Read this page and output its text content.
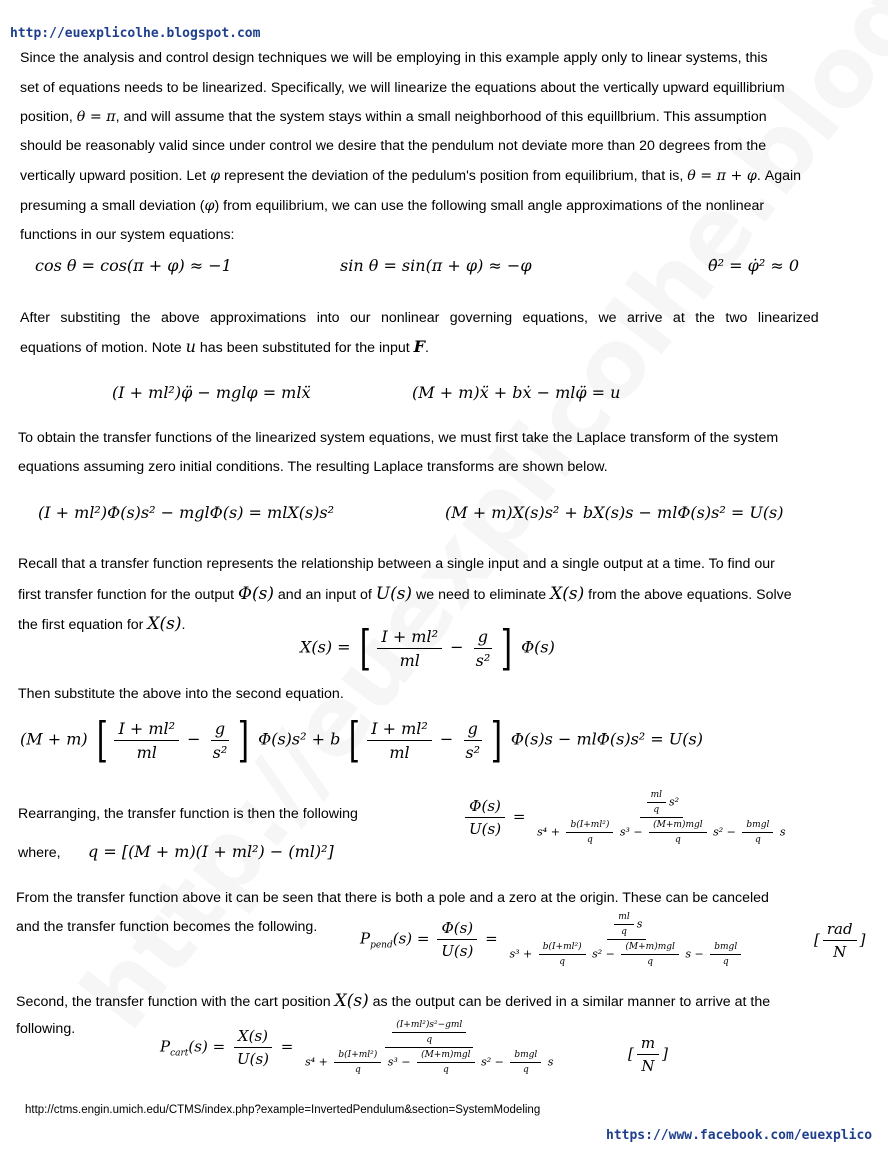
http://euexplicolhe.blogspot.com
Since the analysis and control design techniques we will be employing in this example apply only to linear systems, this
set of equations needs to be linearized. Specifically, we will linearize the equations about the vertically upward equillibrium
position, θ = π, and will assume that the system stays within a small neighborhood of this equillbrium. This assumption
should be reasonably valid since under control we desire that the pendulum not deviate more than 20 degrees from the
vertically upward position. Let φ represent the deviation of the pedulum's position from equilibrium, that is, θ = π + φ. Again
presuming a small deviation (φ) from equilibrium, we can use the following small angle approximations of the nonlinear
functions in our system equations:
cos θ = cos(π + φ) ≈ −1	sin θ = sin(π + φ) ≈ −φ	θ̇² = φ̇² ≈ 0
After substiting the above approximations into our nonlinear governing equations, we arrive at the two linearized
equations of motion. Note u has been substituted for the input F.
(I + ml²)φ̈ − mglφ = mlẍ	(M + m)ẍ + bẋ − mlφ̈ = u
To obtain the transfer functions of the linearized system equations, we must first take the Laplace transform of the system
equations assuming zero initial conditions. The resulting Laplace transforms are shown below.
(I + ml²)Φ(s)s² − mglΦ(s) = mlX(s)s²	(M + m)X(s)s² + bX(s)s − mlΦ(s)s² = U(s)
Recall that a transfer function represents the relationship between a single input and a single output at a time. To find our
first transfer function for the output Φ(s) and an input of U(s) we need to eliminate X(s) from the above equations. Solve
the first equation for X(s).
X(s) = [ $\frac{\text{I + ml²}}{ml} - \frac{g}{\text{s²}}$ ] Φ(s)
Then substitute the above into the second equation.
(M + m) [ $\frac{\text{I + ml²}}{ml} - \frac{g}{\text{s²}}$ ] Φ(s)s² + b [ $\frac{\text{I + ml²}}{ml} - \frac{g}{\text{s²}}$ ] Φ(s)s − mlΦ(s)s² = U(s)
Rearranging, the transfer function is then the following	$\frac{\Phi(s)}{U(s)}$ =
$\frac{ml}{q} s^2$
$s^4 + \frac{\text{b(I+ml²)}}{q} s^3 - \frac{\text{(M+m)mgl}}{q} s^2 - \frac{\text{bmgl}}{q}$ s
where, q = [(M + m)(I + ml²) − (ml)²]
From the transfer function above it can be seen that there is both a pole and a zero at the origin. These can be canceled
and the transfer function becomes the following.
$P_{pend}(s) = \frac{\Phi(s)}{U(s)}$ =
$\frac{ml}{q}$ s
$s^3 + \frac{\text{b(I+ml²)}}{q} s^2 - \frac{\text{(M+m)mgl}}{q}$ $s - \frac{\text{bmgl}}{q}$
[ $\frac{\text{rad}}{N}$ ]
Second, the transfer function with the cart position X(s) as the output can be derived in a similar manner to arrive at the
following.
$P_{cart}(s) = \frac{X(s)}{U(s)}$ =
$\frac{\text{(I+ml²)s²−gml}}{q}$
$s^4 + \frac{\text{b(I+ml²)}}{q} s^3 - \frac{\text{(M+m)mgl}}{q} s^2 - \frac{\text{bmgl}}{q}$ s	[ $\frac{m}{N}$ ]
http://ctms.engin.umich.edu/CTMS/index.php?example=InvertedPendulum&section=SystemModeling
https://www.facebook.com/euexplico
